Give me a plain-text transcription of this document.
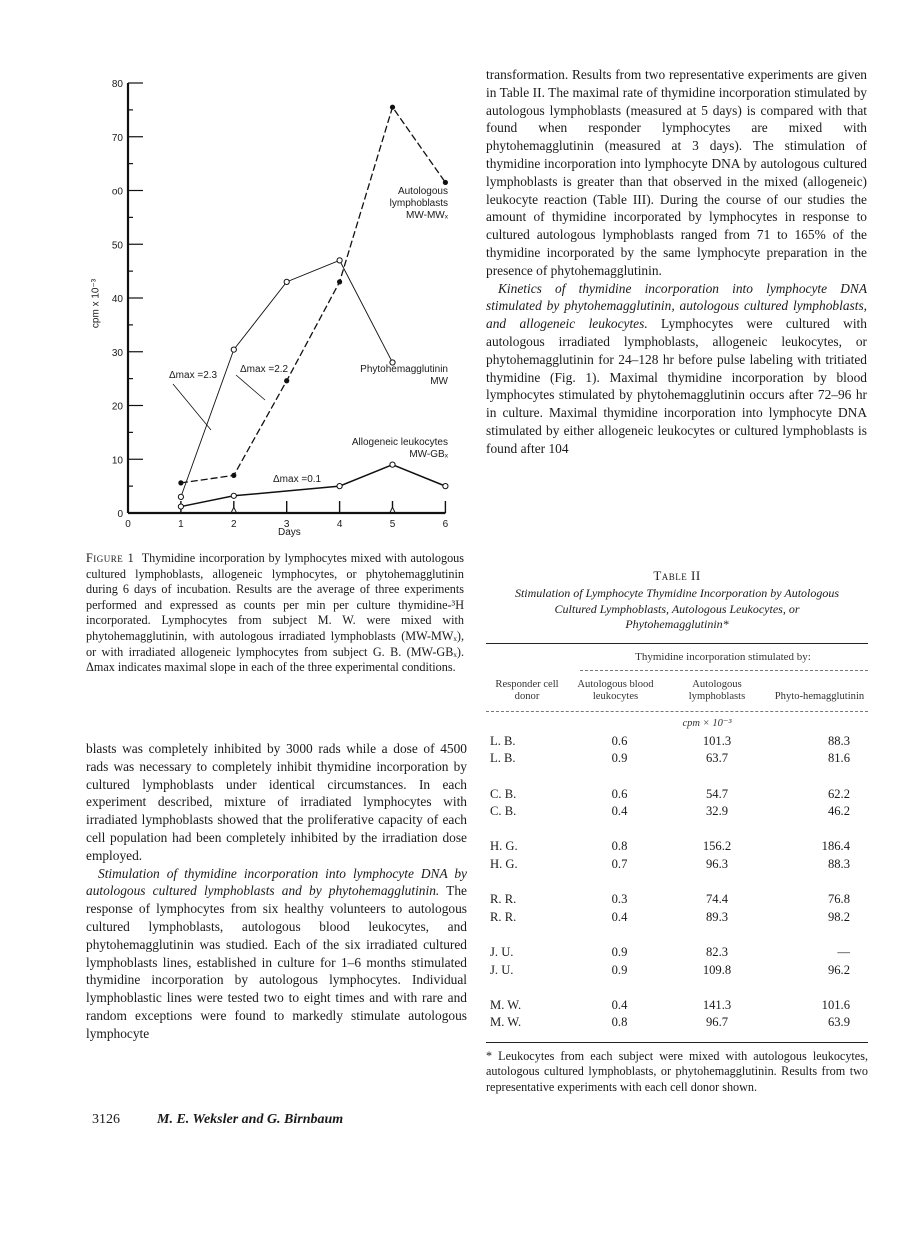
0
10
20
30
40
50
ο0
70
80
0	1	2	3	4	5	6
cpm x 10⁻³
Days
Autologous
lymphoblasts
MW-MWₓ
Phytohemagglutinin
MW
Allogeneic leukocytes
MW-GBₓ
Δmax =2.3
Δmax =2.2
Δmax =0.1
Figure 1 Thymidine incorporation by lymphocytes mixed with autologous cultured lymphoblasts, allogeneic lymphocytes, or phytohemagglutinin during 6 days of incubation. Results are the average of three experiments performed and expressed as counts per min per culture thymidine-³H incorporated. Lymphocytes from subject M. W. were mixed with phytohemagglutinin, with autologous irradiated lymphoblasts (MW-MWₓ), or with irradiated allogeneic lymphocytes from subject G. B. (MW-GBₓ). Δmax indicates maximal slope in each of the three experimental conditions.

blasts was completely inhibited by 3000 rads while a dose of 4500 rads was necessary to completely inhibit thymidine incorporation by cultured lymphoblasts under identical circumstances. In each experiment described, mixture of irradiated lymphocytes with irradiated lymphoblasts showed that the proliferative capacity of each cell population had been completely inhibited by the irradiation dose employed.

Stimulation of thymidine incorporation into lymphocyte DNA by autologous cultured lymphoblasts and by phytohemagglutinin. The response of lymphocytes from six healthy volunteers to autologous cultured lymphoblasts, autologous blood leukocytes, and phytohemagglutinin was studied. Each of the six irradiated cultured lymphoblasts lines, established in culture for 1–6 months stimulated thymidine incorporation by autologous lymphocytes. Individual lymphoblastic lines were tested two to eight times and with rare and random exceptions were found to markedly stimulate autologous lymphocyte

transformation. Results from two representative experiments are given in Table II. The maximal rate of thymidine incorporation stimulated by autologous lymphoblasts (measured at 5 days) is compared with that found when responder lymphocytes are mixed with phytohemagglutinin (measured at 3 days). The stimulation of thymidine incorporation into lymphocyte DNA by autologous cultured lymphoblasts is greater than that observed in the mixed (allogeneic) leukocyte reaction (Table III). During the course of our studies the amount of thymidine incorporated by lymphocytes in response to cultured autologous lymphoblasts ranged from 71 to 165% of the thymidine incorporated by the same lymphocyte preparation in the presence of phytohemagglutinin.

Kinetics of thymidine incorporation into lymphocyte DNA stimulated by phytohemagglutinin, autologous cultured lymphoblasts, and allogeneic leukocytes. Lymphocytes were cultured with autologous irradiated lymphoblasts, allogeneic leukocytes, or phytohemagglutinin for 24–128 hr before pulse labeling with tritiated thymidine (Fig. 1). Maximal thymidine incorporation by blood lymphocytes stimulated by phytohemagglutinin occurs after 72–96 hr in culture. Maximal thymidine incorporation into lymphocyte DNA stimulated by either allogeneic leukocytes or cultured lymphoblasts is found after 104

Table II
Stimulation of Lymphocyte Thymidine Incorporation by Autologous Cultured Lymphoblasts, Autologous Leukocytes, or Phytohemagglutinin*
Thymidine incorporation stimulated by:
Responder cell donor
Autologous blood leukocytes
Autologous lymphoblasts	Phyto-hemagglutinin
cpm × 10⁻³
L. B.	0.6	101.3	88.3
L. B.	0.9	63.7	81.6

C. B.	0.6	54.7	62.2
C. B.	0.4	32.9	46.2

H. G.	0.8	156.2	186.4
H. G.	0.7	96.3	88.3

R. R.	0.3	74.4	76.8
R. R.	0.4	89.3	98.2

J. U.	0.9	82.3	—
J. U.	0.9	109.8	96.2

M. W.	0.4	141.3	101.6
M. W.	0.8	96.7	63.9
* Leukocytes from each subject were mixed with autologous leukocytes, autologous cultured lymphoblasts, or phytohemagglutinin. Results from two representative experiments with each cell donor shown.
3126	M. E. Weksler and G. Birnbaum
